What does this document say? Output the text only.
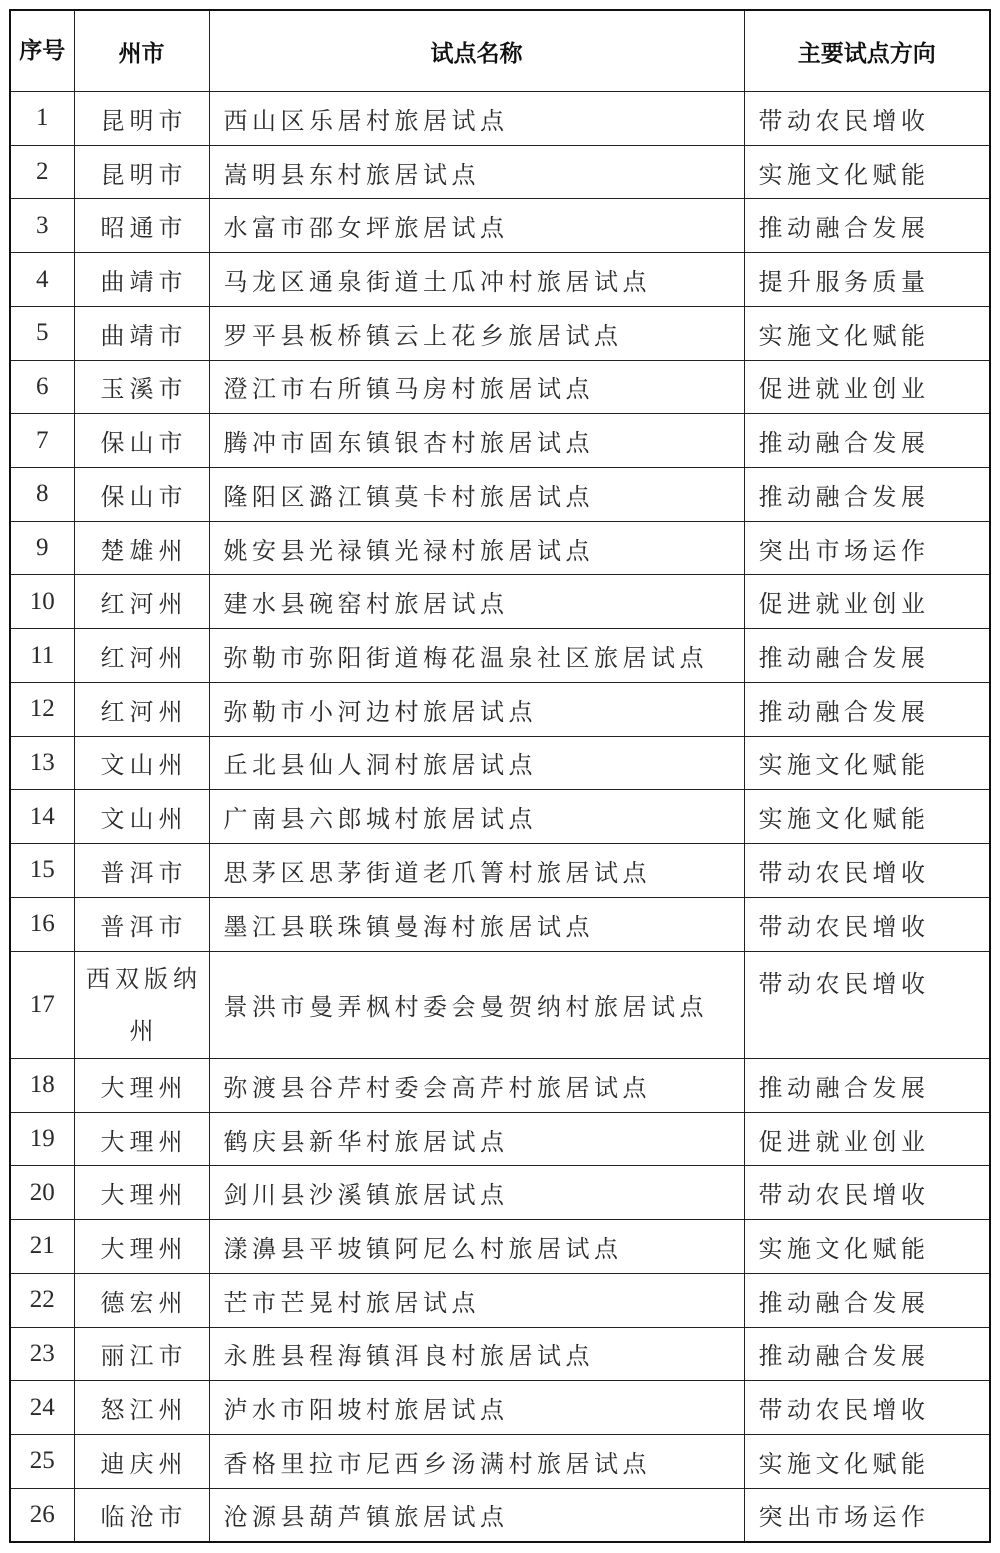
序号	州市	试点名称	主要试点方向
1	昆明市	西山区乐居村旅居试点	带动农民增收
2	昆明市	嵩明县东村旅居试点	实施文化赋能
3	昭通市	水富市邵女坪旅居试点	推动融合发展
4	曲靖市	马龙区通泉街道土瓜冲村旅居试点	提升服务质量
5	曲靖市	罗平县板桥镇云上花乡旅居试点	实施文化赋能
6	玉溪市	澄江市右所镇马房村旅居试点	促进就业创业
7	保山市	腾冲市固东镇银杏村旅居试点	推动融合发展
8	保山市	隆阳区潞江镇莫卡村旅居试点	推动融合发展
9	楚雄州	姚安县光禄镇光禄村旅居试点	突出市场运作
10	红河州	建水县碗窑村旅居试点	促进就业创业
11	红河州	弥勒市弥阳街道梅花温泉社区旅居试点	推动融合发展
12	红河州	弥勒市小河边村旅居试点	推动融合发展
13	文山州	丘北县仙人洞村旅居试点	实施文化赋能
14	文山州	广南县六郎城村旅居试点	实施文化赋能
15	普洱市	思茅区思茅街道老爪箐村旅居试点	带动农民增收
16	普洱市	墨江县联珠镇曼海村旅居试点	带动农民增收
17	西双版纳州	景洪市曼弄枫村委会曼贺纳村旅居试点	带动农民增收
18	大理州	弥渡县谷芹村委会高芹村旅居试点	推动融合发展
19	大理州	鹤庆县新华村旅居试点	促进就业创业
20	大理州	剑川县沙溪镇旅居试点	带动农民增收
21	大理州	漾濞县平坡镇阿尼么村旅居试点	实施文化赋能
22	德宏州	芒市芒晃村旅居试点	推动融合发展
23	丽江市	永胜县程海镇洱良村旅居试点	推动融合发展
24	怒江州	泸水市阳坡村旅居试点	带动农民增收
25	迪庆州	香格里拉市尼西乡汤满村旅居试点	实施文化赋能
26	临沧市	沧源县葫芦镇旅居试点	突出市场运作
